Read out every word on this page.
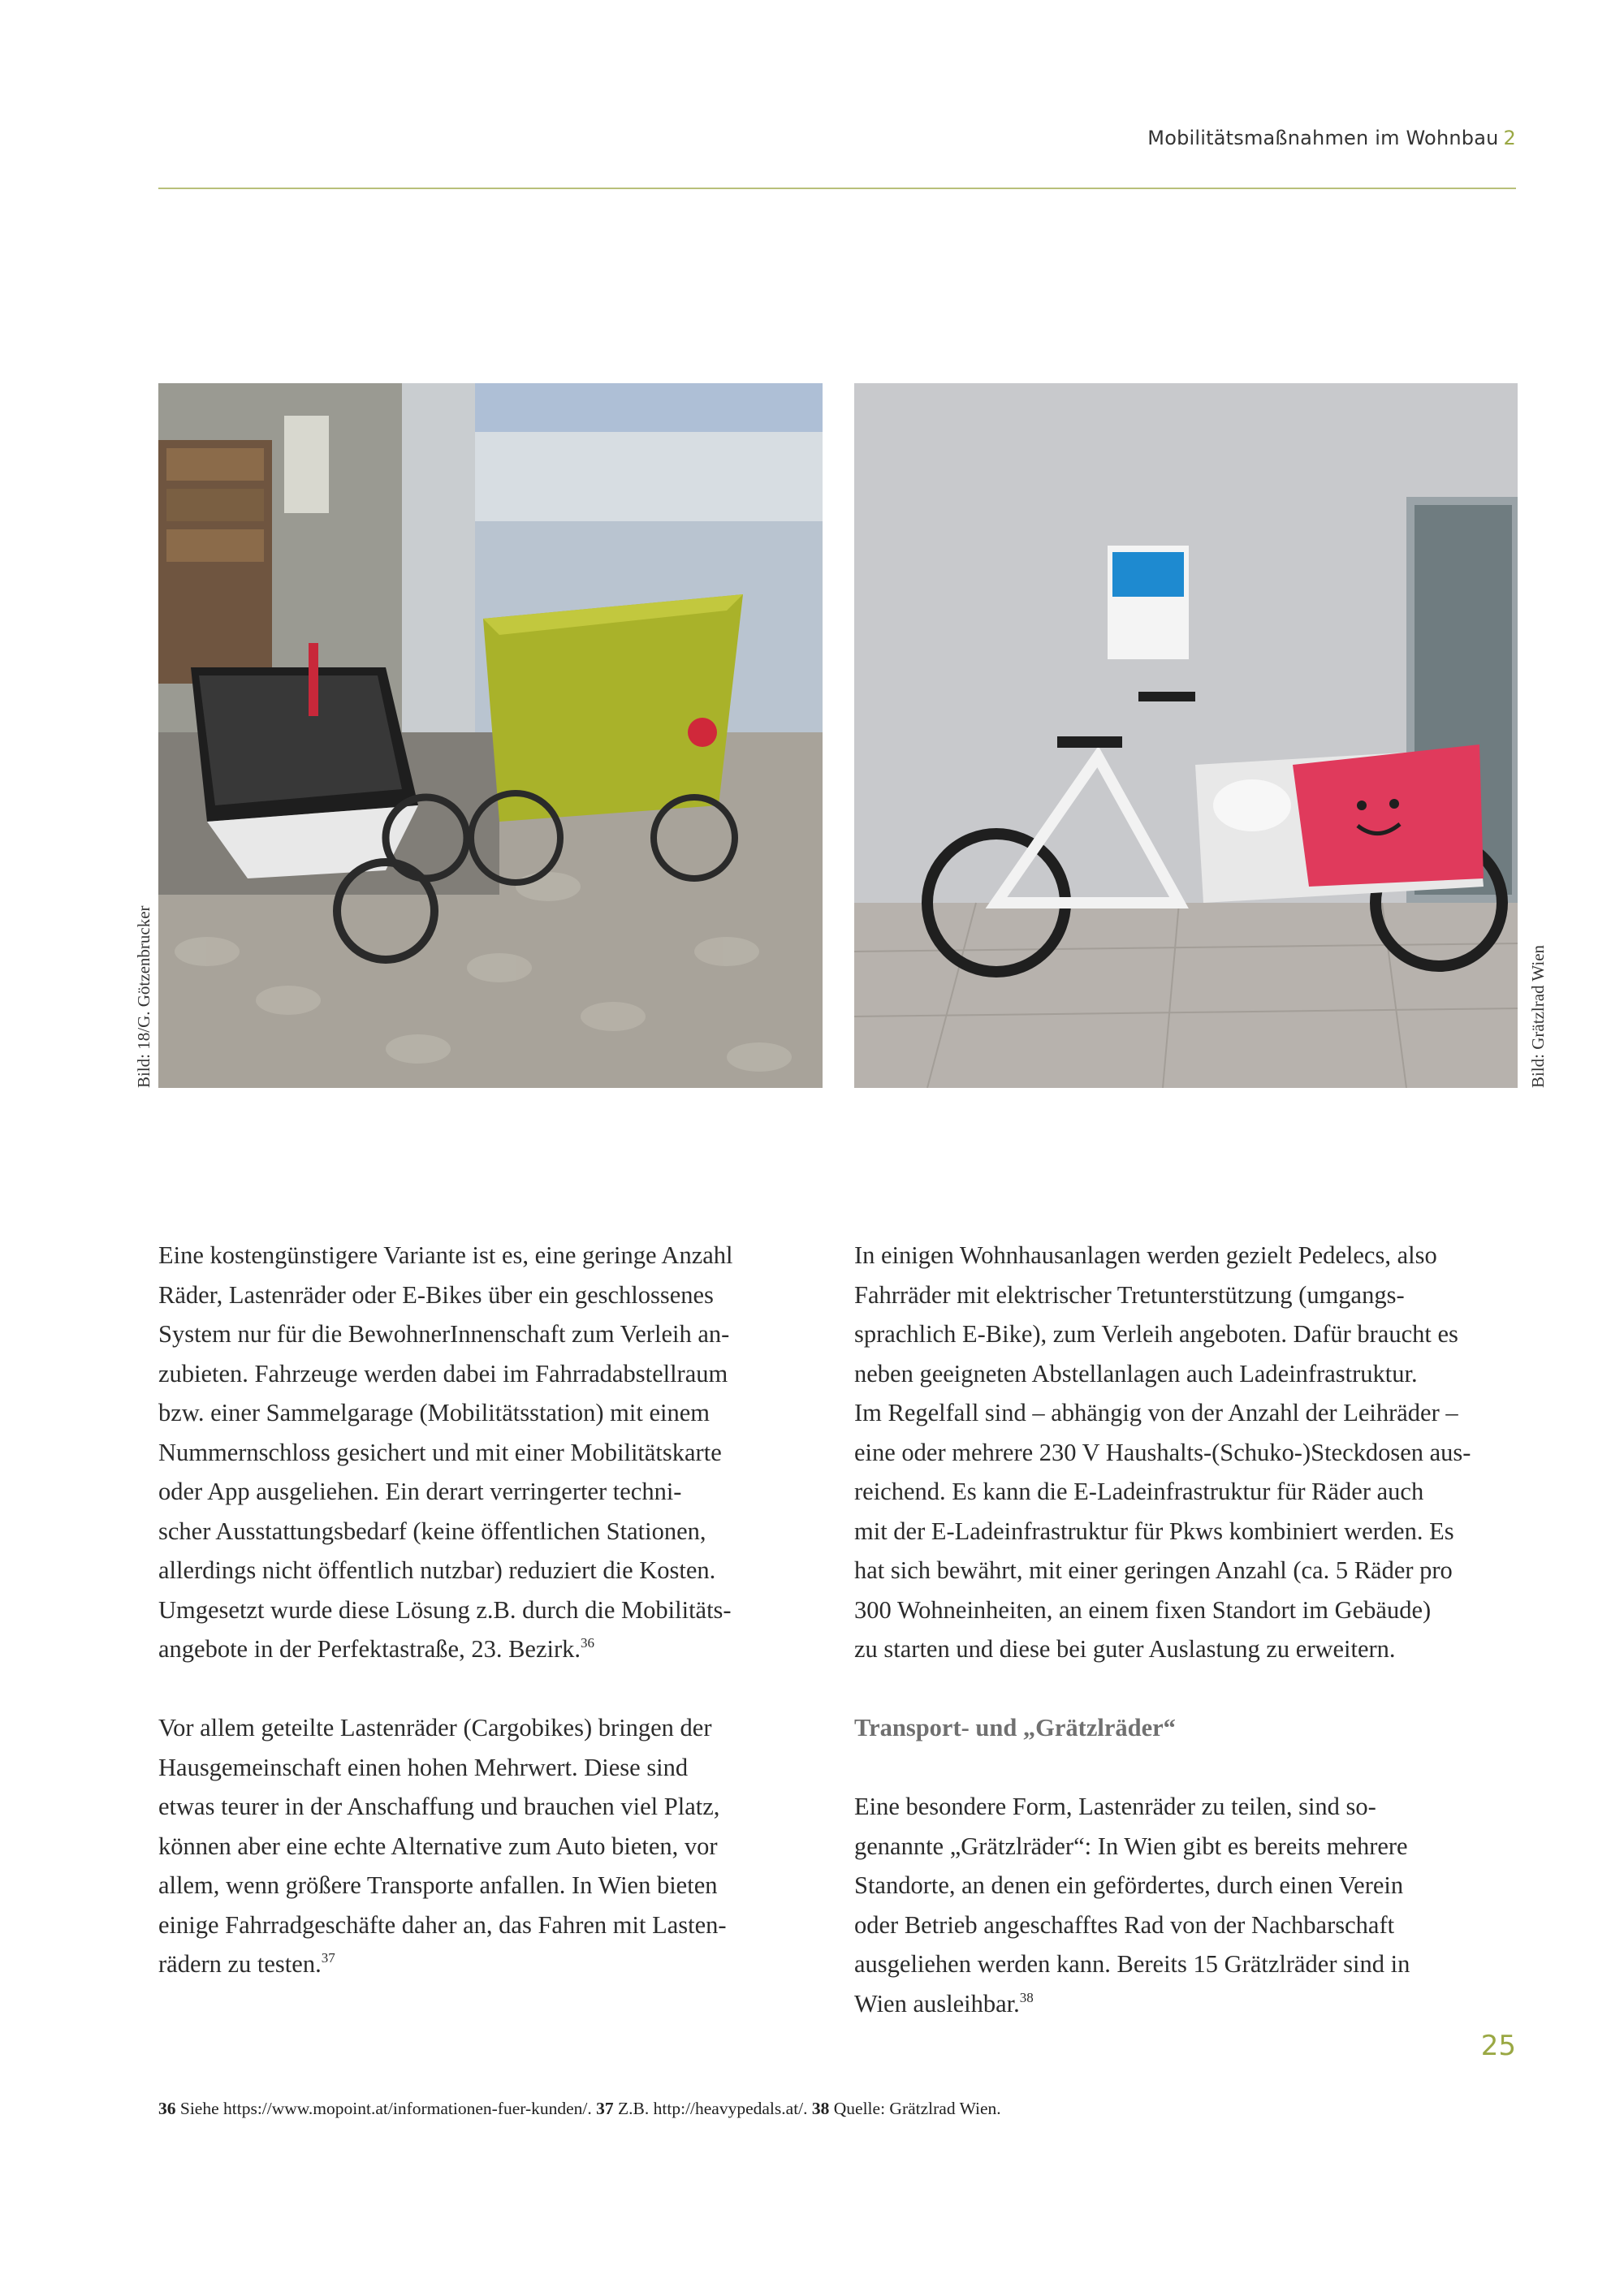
Mobilitätsmaßnahmen im Wohnbau 2
Bild: 18/G. Götzenbrucker	Bild: Grätzlrad Wien

Eine kostengünstigere Variante ist es, eine geringe Anzahl
Räder, Lastenräder oder E-Bikes über ein geschlossenes
System nur für die BewohnerInnenschaft zum Verleih an-
zubieten. Fahrzeuge werden dabei im Fahrradabstellraum
bzw. einer Sammelgarage (Mobilitätsstation) mit einem
Nummernschloss gesichert und mit einer Mobilitätskarte
oder App ausgeliehen. Ein derart verringerter techni-
scher Ausstattungsbedarf (keine öffentlichen Stationen,
allerdings nicht öffentlich nutzbar) reduziert die Kosten.
Umgesetzt wurde diese Lösung z.B. durch die Mobilitäts-
angebote in der Perfektastraße, 23. Bezirk.$^{36}$

Vor allem geteilte Lastenräder (Cargobikes) bringen der
Hausgemeinschaft einen hohen Mehrwert. Diese sind
etwas teurer in der Anschaffung und brauchen viel Platz,
können aber eine echte Alternative zum Auto bieten, vor
allem, wenn größere Transporte anfallen. In Wien bieten
einige Fahrradgeschäfte daher an, das Fahren mit Lasten-
rädern zu testen.$^{37}$

In einigen Wohnhausanlagen werden gezielt Pedelecs, also
Fahrräder mit elektrischer Tretunterstützung (umgangs-
sprachlich E-Bike), zum Verleih angeboten. Dafür braucht es
neben geeigneten Abstellanlagen auch Ladeinfrastruktur.
Im Regelfall sind – abhängig von der Anzahl der Leihräder –
eine oder mehrere 230 V Haushalts-(Schuko-)Steckdosen aus-
reichend. Es kann die E-Ladeinfrastruktur für Räder auch
mit der E-Ladeinfrastruktur für Pkws kombiniert werden. Es
hat sich bewährt, mit einer geringen Anzahl (ca. 5 Räder pro
300 Wohneinheiten, an einem fixen Standort im Gebäude)
zu starten und diese bei guter Auslastung zu erweitern.

Transport- und „Grätzlräder“

Eine besondere Form, Lastenräder zu teilen, sind so-
genannte „Grätzlräder“: In Wien gibt es bereits mehrere
Standorte, an denen ein gefördertes, durch einen Verein
oder Betrieb angeschafftes Rad von der Nachbarschaft
ausgeliehen werden kann. Bereits 15 Grätzlräder sind in
Wien ausleihbar.$^{38}$

36 Siehe https://www.mopoint.at/informationen-fuer-kunden/. 37 Z.B. http://heavypedals.at/. 38 Quelle: Grätzlrad Wien.
25
